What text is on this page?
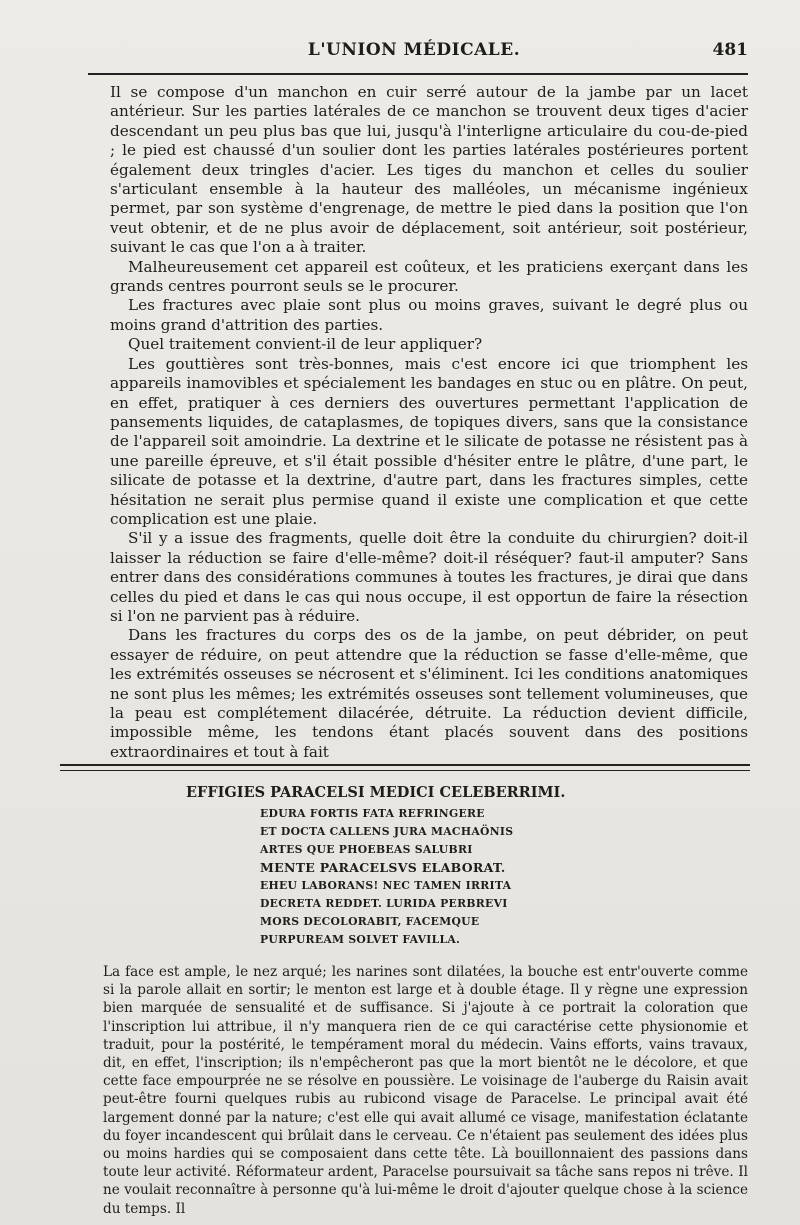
L'UNION MÉDICALE.	481

Il se compose d'un manchon en cuir serré autour de la jambe par un lacet antérieur. Sur les parties latérales de ce manchon se trouvent deux tiges d'acier descendant un peu plus bas que lui, jusqu'à l'interligne articulaire du cou-de-pied ; le pied est chaussé d'un soulier dont les parties latérales postérieures portent également deux tringles d'acier. Les tiges du manchon et celles du soulier s'articulant ensemble à la hauteur des malléoles, un mécanisme ingénieux permet, par son système d'engrenage, de mettre le pied dans la position que l'on veut obtenir, et de ne plus avoir de déplacement, soit antérieur, soit postérieur, suivant le cas que l'on a à traiter.

Malheureusement cet appareil est coûteux, et les praticiens exerçant dans les grands centres pourront seuls se le procurer.

Les fractures avec plaie sont plus ou moins graves, suivant le degré plus ou moins grand d'attrition des parties.

Quel traitement convient-il de leur appliquer?

Les gouttières sont très-bonnes, mais c'est encore ici que triomphent les appareils inamovibles et spécialement les bandages en stuc ou en plâtre. On peut, en effet, pratiquer à ces derniers des ouvertures permettant l'application de pansements liquides, de cataplasmes, de topiques divers, sans que la consistance de l'appareil soit amoindrie. La dextrine et le silicate de potasse ne résistent pas à une pareille épreuve, et s'il était possible d'hésiter entre le plâtre, d'une part, le silicate de potasse et la dextrine, d'autre part, dans les fractures simples, cette hésitation ne serait plus permise quand il existe une complication et que cette complication est une plaie.

S'il y a issue des fragments, quelle doit être la conduite du chirurgien? doit-il laisser la réduction se faire d'elle-même? doit-il réséquer? faut-il amputer? Sans entrer dans des considérations communes à toutes les fractures, je dirai que dans celles du pied et dans le cas qui nous occupe, il est opportun de faire la résection si l'on ne parvient pas à réduire.

Dans les fractures du corps des os de la jambe, on peut débrider, on peut essayer de réduire, on peut attendre que la réduction se fasse d'elle-même, que les extrémités osseuses se nécrosent et s'éliminent. Ici les conditions anatomiques ne sont plus les mêmes; les extrémités osseuses sont tellement volumineuses, que la peau est complétement dilacérée, détruite. La réduction devient difficile, impossible même, les tendons étant placés souvent dans des positions extraordinaires et tout à fait

EFFIGIES PARACELSI MEDICI CELEBERRIMI.
EDURA FORTIS FATA REFRINGERE
ET DOCTA CALLENS JURA MACHAÖNIS
ARTES QUE PHOEBEAS SALUBRI
MENTE PARACELSVS ELABORAT.
EHEU LABORANS! NEC TAMEN IRRITA
DECRETA REDDET. LURIDA PERBREVI
MORS DECOLORABIT, FACEMQUE
PURPUREAM SOLVET FAVILLA.

La face est ample, le nez arqué; les narines sont dilatées, la bouche est entr'ouverte comme si la parole allait en sortir; le menton est large et à double étage. Il y règne une expression bien marquée de sensualité et de suffisance. Si j'ajoute à ce portrait la coloration que l'inscription lui attribue, il n'y manquera rien de ce qui caractérise cette physionomie et traduit, pour la postérité, le tempérament moral du médecin. Vains efforts, vains travaux, dit, en effet, l'inscription; ils n'empêcheront pas que la mort bientôt ne le décolore, et que cette face empourprée ne se résolve en poussière. Le voisinage de l'auberge du Raisin avait peut-être fourni quelques rubis au rubicond visage de Paracelse. Le principal avait été largement donné par la nature; c'est elle qui avait allumé ce visage, manifestation éclatante du foyer incandescent qui brûlait dans le cerveau. Ce n'étaient pas seulement des idées plus ou moins hardies qui se composaient dans cette tête. Là bouillonnaient des passions dans toute leur activité. Réformateur ardent, Paracelse poursuivait sa tâche sans repos ni trêve. Il ne voulait reconnaître à personne qu'à lui-même le droit d'ajouter quelque chose à la science du temps. Il
